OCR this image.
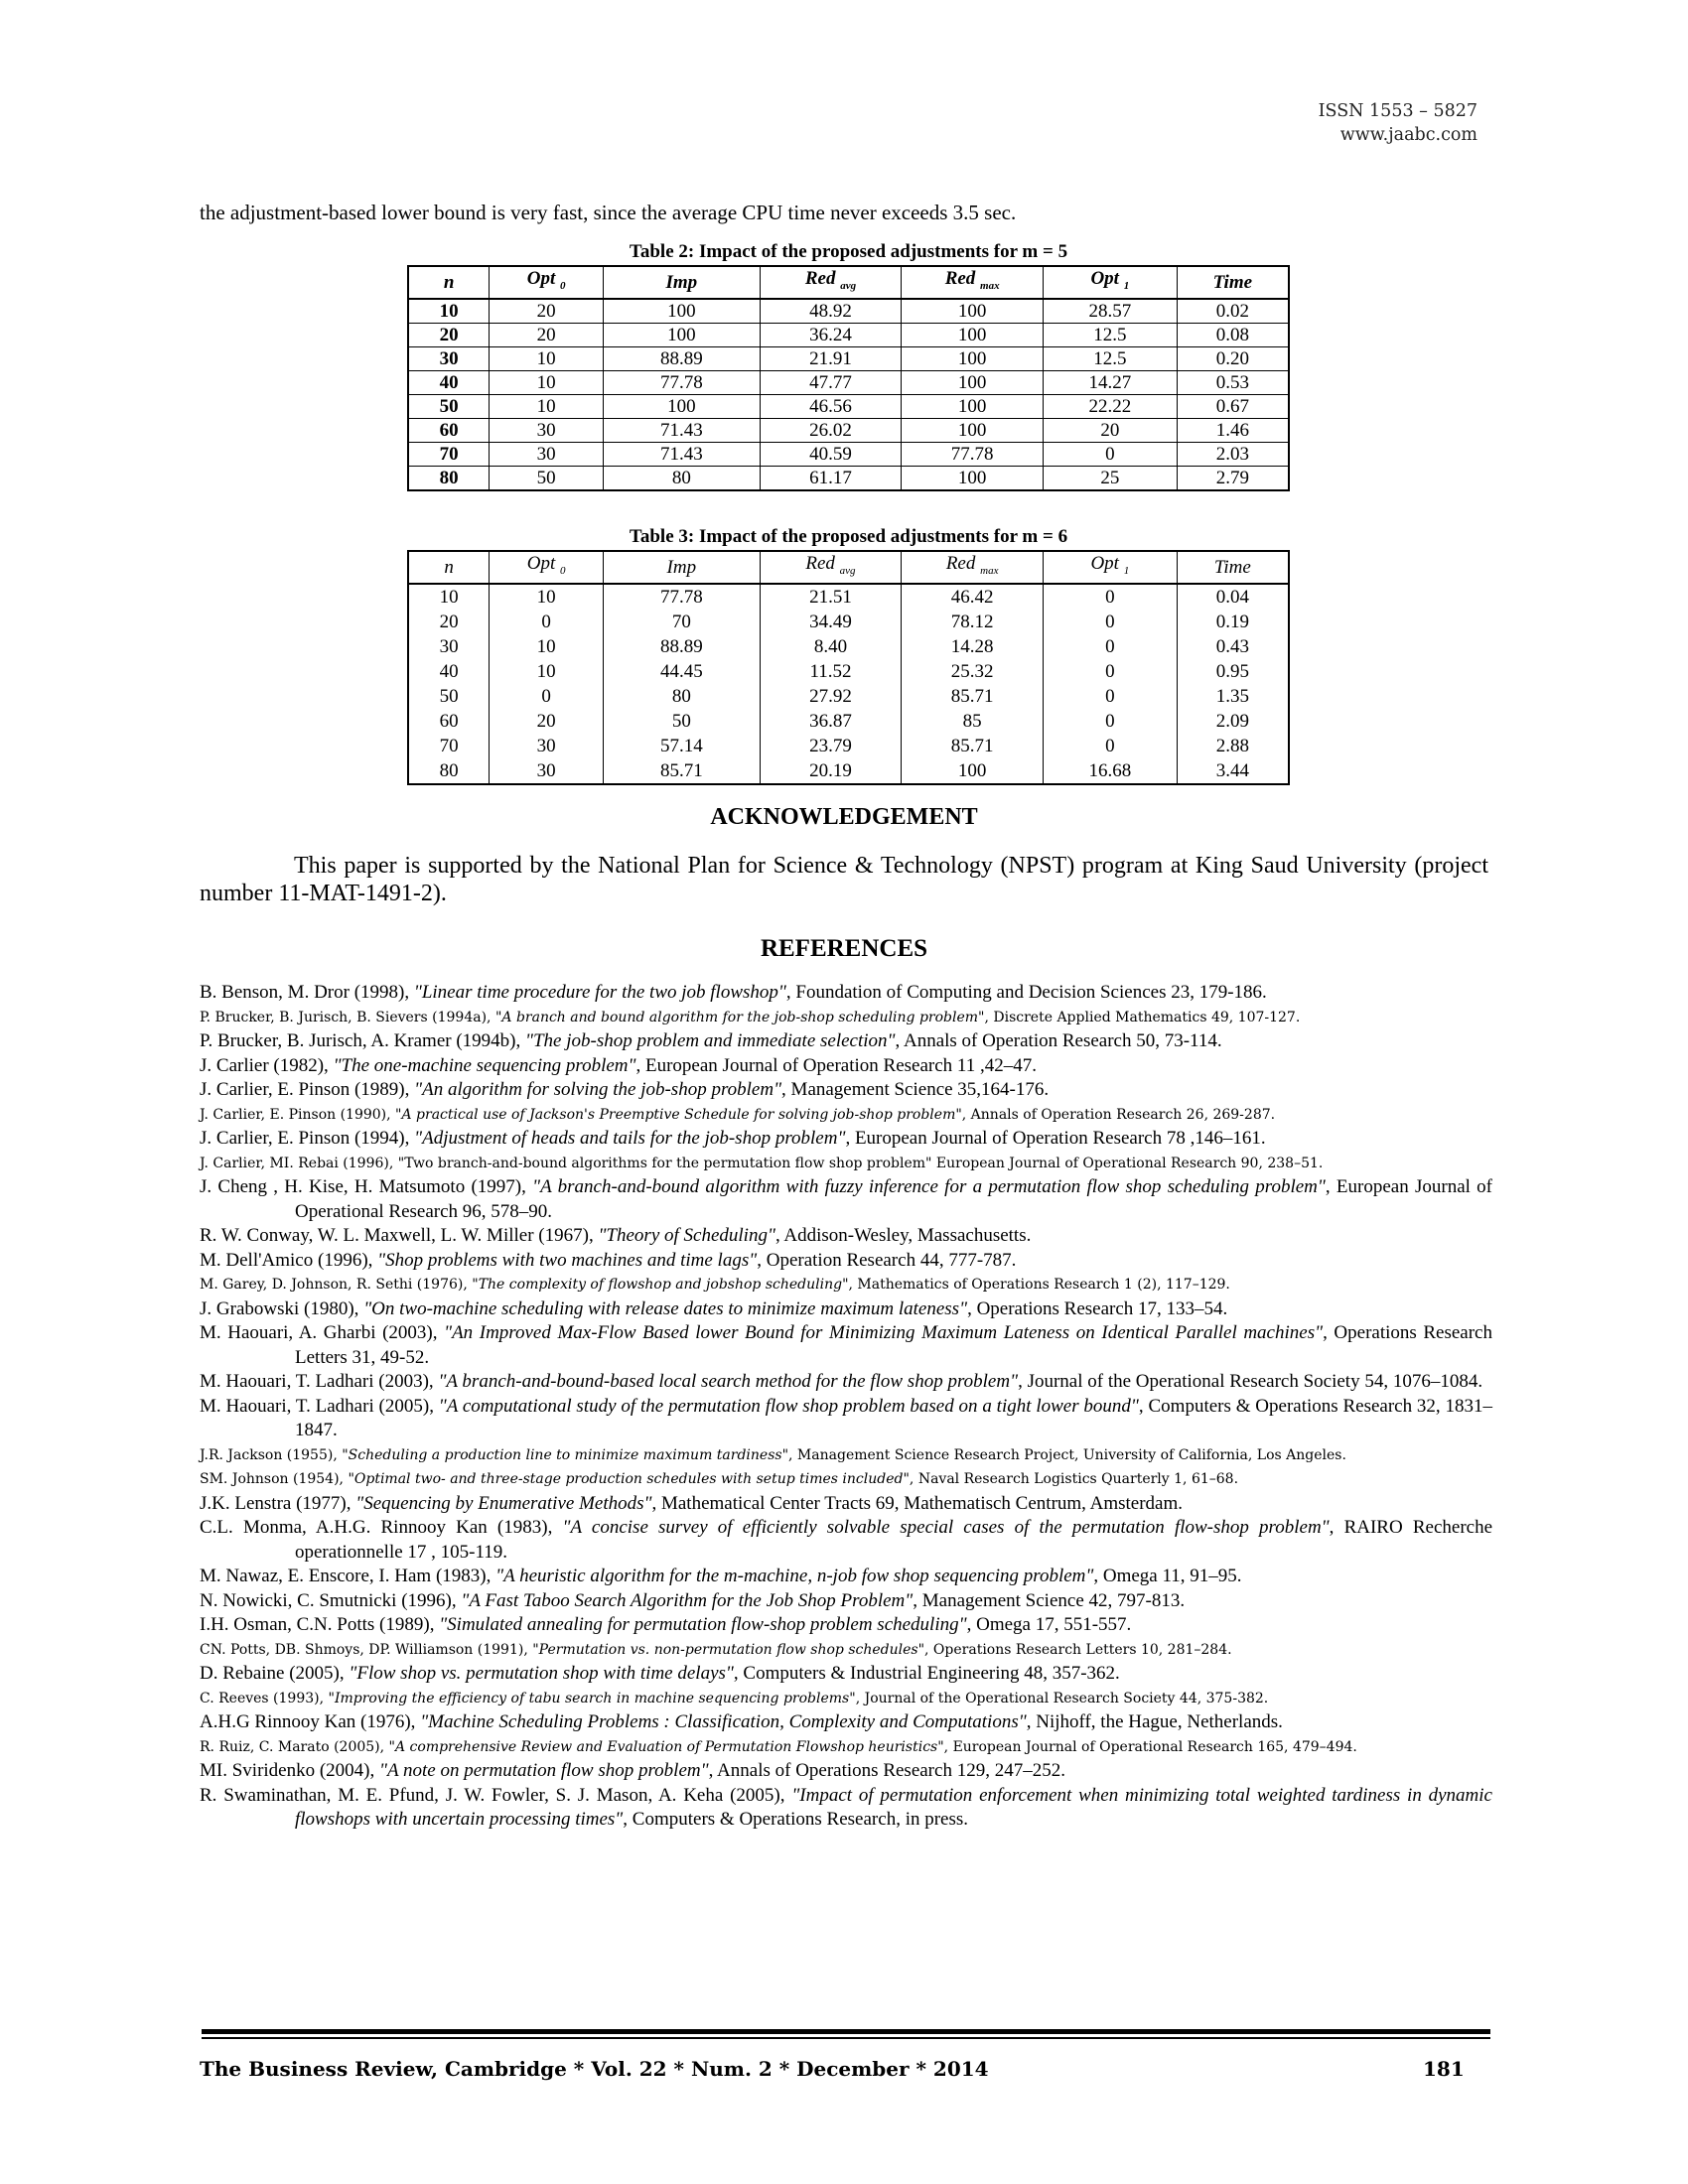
ISSN 1553 – 5827
www.jaabc.com
the adjustment-based lower bound is very fast, since the average CPU time never exceeds 3.5 sec.
Table 2: Impact of the proposed adjustments for m = 5
n	Opt $_0$	Imp	Red $_{avg}$	Red $_{max}$	Opt $_1$	Time
10	20	100	48.92	100	28.57	0.02
20	20	100	36.24	100	12.5	0.08
30	10	88.89	21.91	100	12.5	0.20
40	10	77.78	47.77	100	14.27	0.53
50	10	100	46.56	100	22.22	0.67
60	30	71.43	26.02	100	20	1.46
70	30	71.43	40.59	77.78	0	2.03
80	50	80	61.17	100	25	2.79
Table 3: Impact of the proposed adjustments for m = 6
n	Opt $_0$	Imp	Red $_{avg}$	Red $_{max}$	Opt $_1$	Time
10	10	77.78	21.51	46.42	0	0.04
20	0	70	34.49	78.12	0	0.19
30	10	88.89	8.40	14.28	0	0.43
40	10	44.45	11.52	25.32	0	0.95
50	0	80	27.92	85.71	0	1.35
60	20	50	36.87	85	0	2.09
70	30	57.14	23.79	85.71	0	2.88
80	30	85.71	20.19	100	16.68	3.44
ACKNOWLEDGEMENT
This paper is supported by the National Plan for Science & Technology (NPST) program at King Saud University (project number 11-MAT-1491-2).
REFERENCES
B. Benson, M. Dror (1998), "Linear time procedure for the two job flowshop", Foundation of Computing and Decision Sciences 23, 179-186.
P. Brucker, B. Jurisch, B. Sievers (1994a), "A branch and bound algorithm for the job-shop scheduling problem", Discrete Applied Mathematics 49, 107-127.
P. Brucker, B. Jurisch, A. Kramer (1994b), "The job-shop problem and immediate selection", Annals of Operation Research 50, 73-114.
J. Carlier (1982), "The one-machine sequencing problem", European Journal of Operation Research 11 ,42–47.
J. Carlier, E. Pinson (1989), "An algorithm for solving the job-shop problem", Management Science 35,164-176.
J. Carlier, E. Pinson (1990), "A practical use of Jackson's Preemptive Schedule for solving job-shop problem", Annals of Operation Research 26, 269-287.
J. Carlier, E. Pinson (1994), "Adjustment of heads and tails for the job-shop problem", European Journal of Operation Research 78 ,146–161.
J. Carlier, MI. Rebai (1996), "Two branch-and-bound algorithms for the permutation flow shop problem" European Journal of Operational Research 90, 238–51.
J. Cheng , H. Kise, H. Matsumoto (1997), "A branch-and-bound algorithm with fuzzy inference for a permutation flow shop scheduling problem", European Journal of Operational Research 96, 578–90.
R. W. Conway, W. L. Maxwell, L. W. Miller (1967), "Theory of Scheduling", Addison-Wesley, Massachusetts.
M. Dell'Amico (1996), "Shop problems with two machines and time lags", Operation Research 44, 777-787.
M. Garey, D. Johnson, R. Sethi (1976), "The complexity of flowshop and jobshop scheduling", Mathematics of Operations Research 1 (2), 117–129.
J. Grabowski (1980), "On two-machine scheduling with release dates to minimize maximum lateness", Operations Research 17, 133–54.
M. Haouari, A. Gharbi (2003), "An Improved Max-Flow Based lower Bound for Minimizing Maximum Lateness on Identical Parallel machines", Operations Research Letters 31, 49-52.
M. Haouari, T. Ladhari (2003), "A branch-and-bound-based local search method for the flow shop problem", Journal of the Operational Research Society 54, 1076–1084.
M. Haouari, T. Ladhari (2005), "A computational study of the permutation flow shop problem based on a tight lower bound", Computers & Operations Research 32, 1831–1847.
J.R. Jackson (1955), "Scheduling a production line to minimize maximum tardiness", Management Science Research Project, University of California, Los Angeles.
SM. Johnson (1954), "Optimal two- and three-stage production schedules with setup times included", Naval Research Logistics Quarterly 1, 61–68.
J.K. Lenstra (1977), "Sequencing by Enumerative Methods", Mathematical Center Tracts 69, Mathematisch Centrum, Amsterdam.
C.L. Monma, A.H.G. Rinnooy Kan (1983), "A concise survey of efficiently solvable special cases of the permutation flow-shop problem", RAIRO Recherche operationnelle 17 , 105-119.
M. Nawaz, E. Enscore, I. Ham (1983), "A heuristic algorithm for the m-machine, n-job fow shop sequencing problem", Omega 11, 91–95.
N. Nowicki, C. Smutnicki (1996), "A Fast Taboo Search Algorithm for the Job Shop Problem", Management Science 42, 797-813.
I.H. Osman, C.N. Potts (1989), "Simulated annealing for permutation flow-shop problem scheduling", Omega 17, 551-557.
CN. Potts, DB. Shmoys, DP. Williamson (1991), "Permutation vs. non-permutation flow shop schedules", Operations Research Letters 10, 281–284.
D. Rebaine (2005), "Flow shop vs. permutation shop with time delays", Computers & Industrial Engineering 48, 357-362.
C. Reeves (1993), "Improving the efficiency of tabu search in machine sequencing problems", Journal of the Operational Research Society 44, 375-382.
A.H.G Rinnooy Kan (1976), "Machine Scheduling Problems : Classification, Complexity and Computations", Nijhoff, the Hague, Netherlands.
R. Ruiz, C. Marato (2005), "A comprehensive Review and Evaluation of Permutation Flowshop heuristics", European Journal of Operational Research 165, 479–494.
MI. Sviridenko (2004), "A note on permutation flow shop problem", Annals of Operations Research 129, 247–252.
R. Swaminathan, M. E. Pfund, J. W. Fowler, S. J. Mason, A. Keha (2005), "Impact of permutation enforcement when minimizing total weighted tardiness in dynamic flowshops with uncertain processing times", Computers & Operations Research, in press.
The Business Review, Cambridge * Vol. 22 * Num. 2 * December * 2014	181
